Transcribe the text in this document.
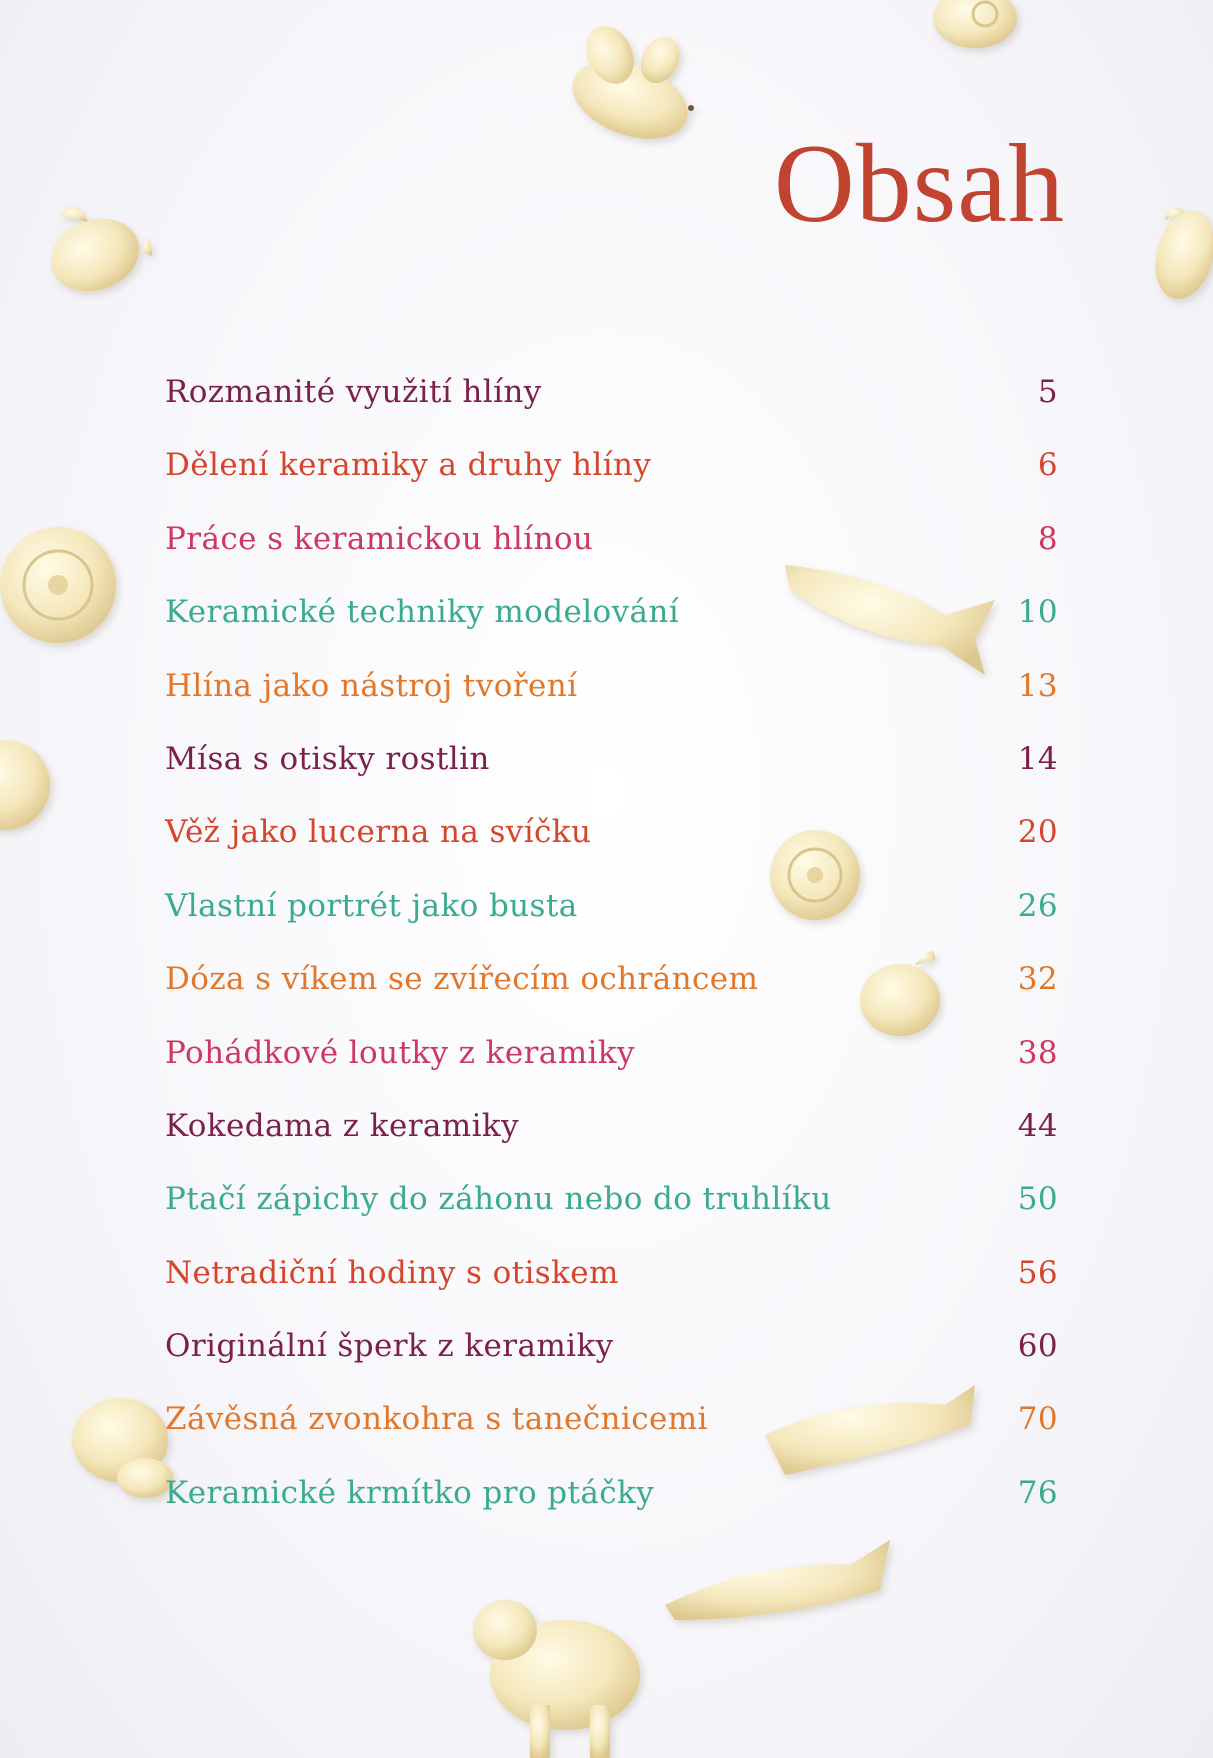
Obsah
Rozmanité využití hlíny	5
Dělení keramiky a druhy hlíny	6
Práce s keramickou hlínou	8
Keramické techniky modelování	10
Hlína jako nástroj tvoření	13
Mísa s otisky rostlin	14
Věž jako lucerna na svíčku	20
Vlastní portrét jako busta	26
Dóza s víkem se zvířecím ochráncem	32
Pohádkové loutky z keramiky	38
Kokedama z keramiky	44
Ptačí zápichy do záhonu nebo do truhlíku	50
Netradiční hodiny s otiskem	56
Originální šperk z keramiky	60
Závěsná zvonkohra s tanečnicemi	70
Keramické krmítko pro ptáčky	76
